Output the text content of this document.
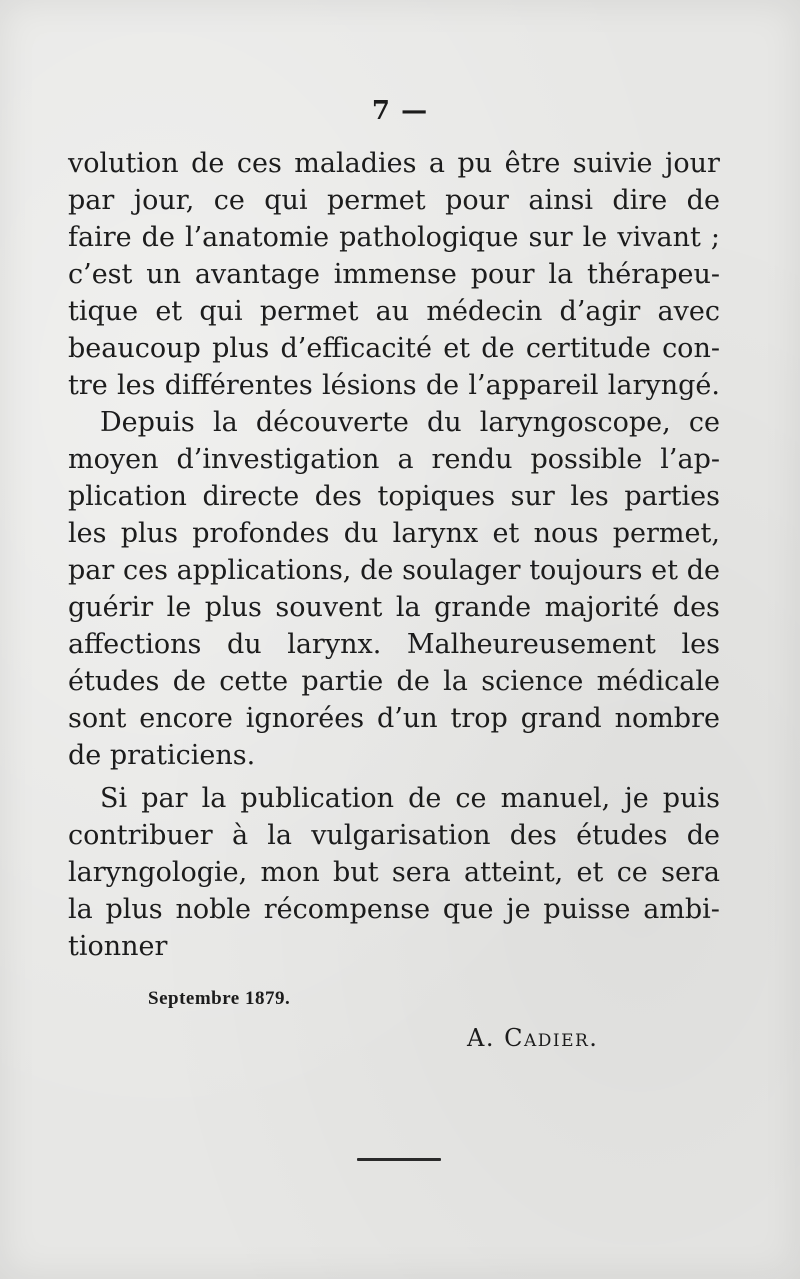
7 —
volution de ces maladies a pu être suivie jour
par jour, ce qui permet pour ainsi dire de
faire de l’anatomie pathologique sur le vivant ;
c’est un avantage immense pour la thérapeu-
tique et qui permet au médecin d’agir avec
beaucoup plus d’efficacité et de certitude con-
tre les différentes lésions de l’appareil laryngé.
Depuis la découverte du laryngoscope, ce
moyen d’investigation a rendu possible l’ap-
plication directe des topiques sur les parties
les plus profondes du larynx et nous permet,
par ces applications, de soulager toujours et de
guérir le plus souvent la grande majorité des
affections du larynx. Malheureusement les
études de cette partie de la science médicale
sont encore ignorées d’un trop grand nombre
de praticiens.
Si par la publication de ce manuel, je puis
contribuer à la vulgarisation des études de
laryngologie, mon but sera atteint, et ce sera
la plus noble récompense que je puisse ambi-
tionner
Septembre 1879.
A. Cadier.
